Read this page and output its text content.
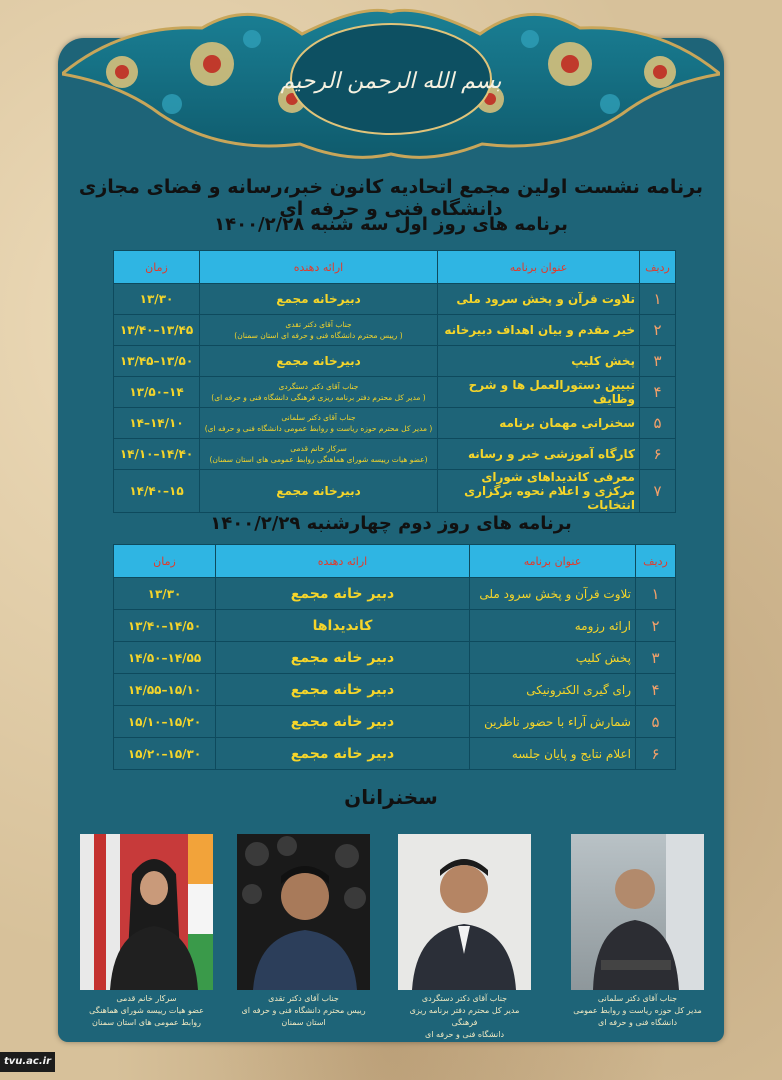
بسم الله الرحمن الرحیم
برنامه نشست اولین مجمع اتحادیه کانون خبر،رسانه و فضای مجازی دانشگاه فنی و حرفه ای
برنامه های روز اول سه شنبه ۱۴۰۰/۲/۲۸
ردیف	عنوان برنامه	ارائه دهنده	زمان
۱	تلاوت قرآن و پخش سرود ملی	دبیرخانه مجمع	۱۳/۳۰
۲	خیر مقدم و بیان اهداف دبیرخانه	جناب آقای دکتر تقدی
( رییس محترم دانشگاه فنی و حرفه ای استان سمنان)	۱۳/۴۰–۱۳/۴۵
۳	پخش کلیپ	دبیرخانه مجمع	۱۳/۴۵–۱۳/۵۰
۴	تبیین دستورالعمل ها و شرح وظایف	جناب آقای دکتر دستگردی
( مدیر کل محترم دفتر برنامه ریزی فرهنگی دانشگاه فنی و حرفه ای)	۱۳/۵۰–۱۴
۵	سخنرانی مهمان برنامه	جناب آقای دکتر سلمانی
( مدیر کل محترم حوزه ریاست و روابط عمومی دانشگاه فنی و حرفه ای)	۱۴–۱۴/۱۰
۶	کارگاه آموزشی خبر و رسانه	سرکار خانم قدمی
(عضو هیات رییسه شورای هماهنگی روابط عمومی های استان سمنان)	۱۴/۱۰–۱۴/۴۰
۷	معرفی کاندیداهای شورای مرکزی و اعلام نحوه برگزاری انتخابات	دبیرخانه مجمع	۱۴/۴۰–۱۵
برنامه های روز دوم چهارشنبه ۱۴۰۰/۲/۲۹
ردیف	عنوان برنامه	ارائه دهنده	زمان
۱	تلاوت قرآن و پخش سرود ملی	دبیر خانه مجمع	۱۳/۳۰
۲	ارائه رزومه	کاندیداها	۱۳/۴۰–۱۴/۵۰
۳	پخش کلیپ	دبیر خانه مجمع	۱۴/۵۰–۱۴/۵۵
۴	رای گیری الکترونیکی	دبیر خانه مجمع	۱۴/۵۵–۱۵/۱۰
۵	شمارش آراء با حضور ناظرین	دبیر خانه مجمع	۱۵/۱۰–۱۵/۲۰
۶	اعلام نتایج و پایان جلسه	دبیر خانه مجمع	۱۵/۲۰–۱۵/۳۰
سخنرانان
جناب آقای دکتر سلمانی
مدیر کل حوزه ریاست و روابط عمومی
دانشگاه فنی و حرفه ای
جناب آقای دکتر دستگردی
مدیر کل محترم دفتر برنامه ریزی فرهنگی
دانشگاه فنی و حرفه ای
جناب آقای دکتر تقدی
رییس محترم دانشگاه فنی و حرفه ای
استان سمنان
سرکار خانم قدمی
عضو هیات رییسه شورای هماهنگی
روابط عمومی های استان سمنان
tvu.ac.ir
